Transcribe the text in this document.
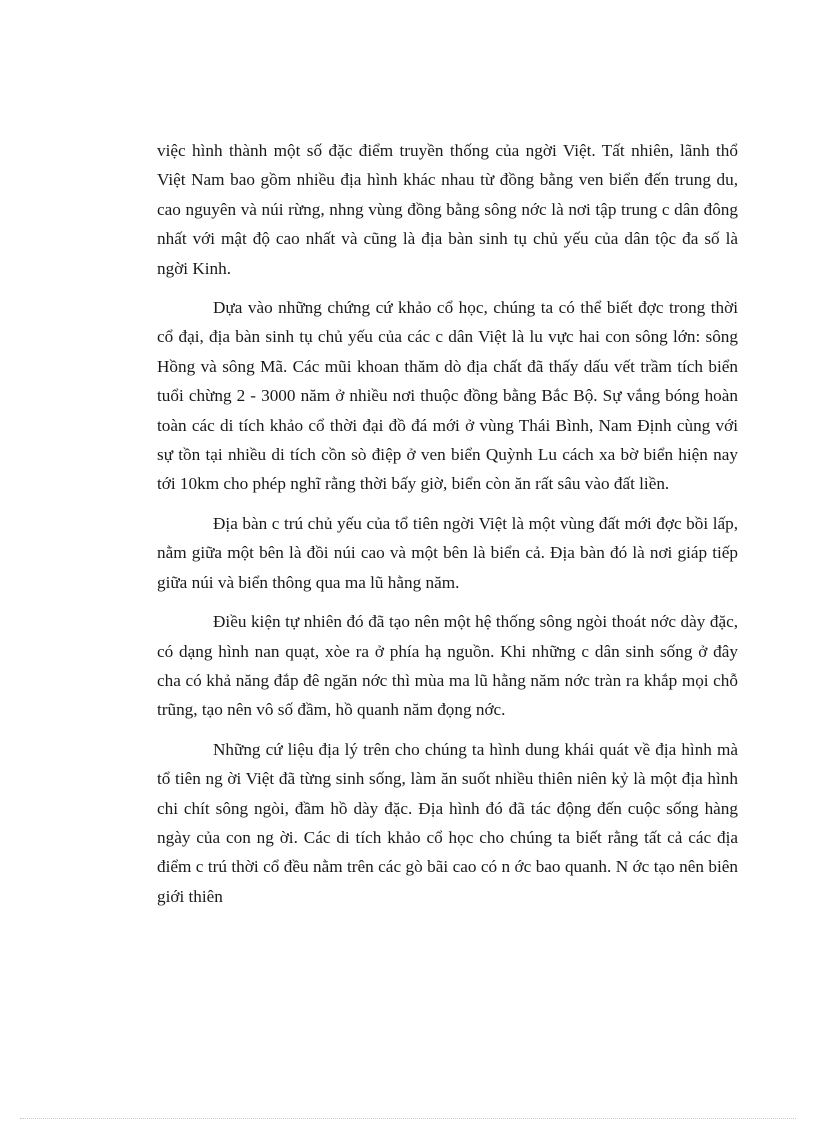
việc hình thành một số đặc điểm truyền thống của ngời Việt. Tất nhiên, lãnh thổ Việt Nam bao gồm nhiều địa hình khác nhau từ đồng bằng ven biển đến trung du, cao nguyên và núi rừng, nhng vùng đồng bằng sông nớc là nơi tập trung c dân đông nhất với mật độ cao nhất và cũng là địa bàn sinh tụ chủ yếu của dân tộc đa số là ngời Kinh.

Dựa vào những chứng cứ khảo cổ học, chúng ta có thể biết đợc trong thời cổ đại, địa bàn sinh tụ chủ yếu của các c dân Việt là lu vực hai con sông lớn: sông Hồng và sông Mã. Các mũi khoan thăm dò địa chất đã thấy dấu vết trầm tích biển tuổi chừng 2 - 3000 năm ở nhiều nơi thuộc đồng bằng Bắc Bộ. Sự vắng bóng hoàn toàn các di tích khảo cổ thời đại đồ đá mới ở vùng Thái Bình, Nam Định cùng với sự tồn tại nhiều di tích cồn sò điệp ở ven biển Quỳnh Lu cách xa bờ biển hiện nay tới 10km cho phép nghĩ rằng thời bấy giờ, biển còn ăn rất sâu vào đất liền.

Địa bàn c trú chủ yếu của tổ tiên ngời Việt là một vùng đất mới đợc bồi lấp, nằm giữa một bên là đồi núi cao và một bên là biển cả. Địa bàn đó là nơi giáp tiếp giữa núi và biển thông qua ma lũ hằng năm.

Điều kiện tự nhiên đó đã tạo nên một hệ thống sông ngòi thoát nớc dày đặc, có dạng hình nan quạt, xòe ra ở phía hạ nguồn. Khi những c dân sinh sống ở đây cha có khả năng đắp đê ngăn nớc thì mùa ma lũ hằng năm nớc tràn ra khắp mọi chỗ trũng, tạo nên vô số đầm, hồ quanh năm đọng nớc.

Những cứ liệu địa lý trên cho chúng ta hình dung khái quát về địa hình mà tổ tiên ng ời Việt đã từng sinh sống, làm ăn suốt nhiều thiên niên kỷ là một địa hình chi chít sông ngòi, đầm hồ dày đặc. Địa hình đó đã tác động đến cuộc sống hàng ngày của con ng ời. Các di tích khảo cổ học cho chúng ta biết rằng tất cả các địa điểm c trú thời cổ đều nằm trên các gò bãi cao có n ớc bao quanh. N ớc tạo nên biên giới thiên
